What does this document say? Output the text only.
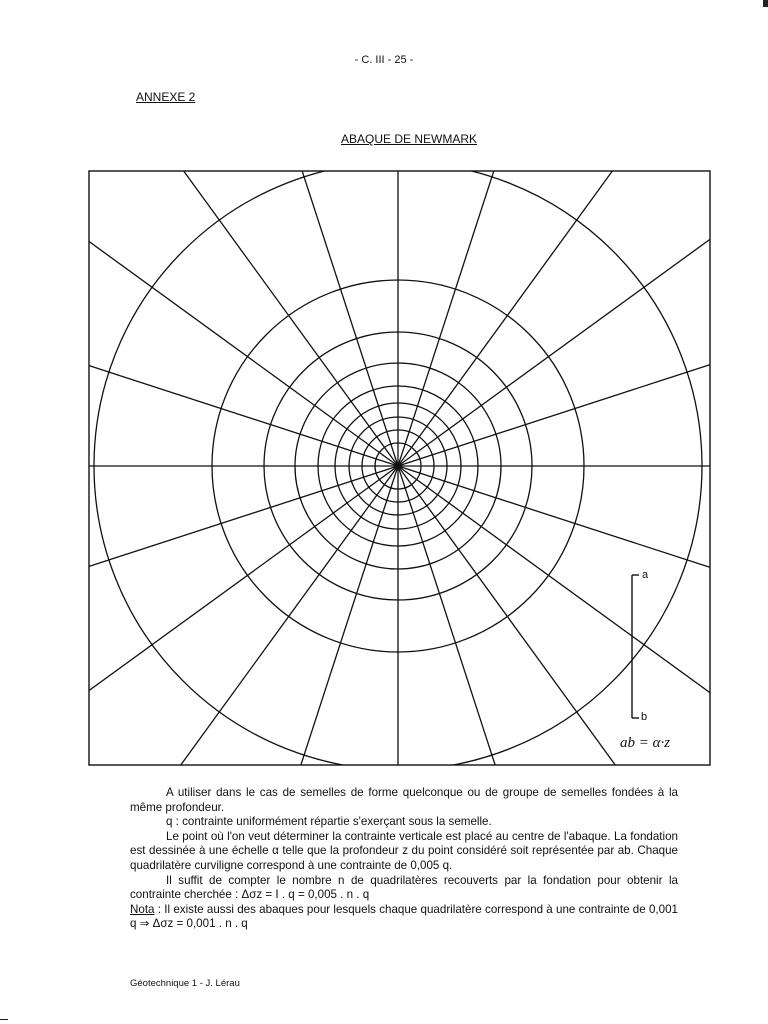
- C. III - 25 -
ANNEXE 2
ABAQUE DE NEWMARK
a
b
ab = α·z

A utiliser dans le cas de semelles de forme quelconque ou de groupe de semelles fondées à la même profondeur.

q : contrainte uniformément répartie s'exerçant sous la semelle.

Le point où l'on veut déterminer la contrainte verticale est placé au centre de l'abaque. La fondation est dessinée à une échelle α telle que la profondeur z du point considéré soit représentée par ab. Chaque quadrilatère curviligne correspond à une contrainte de 0,005 q.

Il suffit de compter le nombre n de quadrilatères recouverts par la fondation pour obtenir la contrainte cherchée : Δσz = I . q = 0,005 . n . q

Nota : Il existe aussi des abaques pour lesquels chaque quadrilatère correspond à une contrainte de 0,001 q ⇒ Δσz = 0,001 . n . q

Géotechnique 1 - J. Lérau
